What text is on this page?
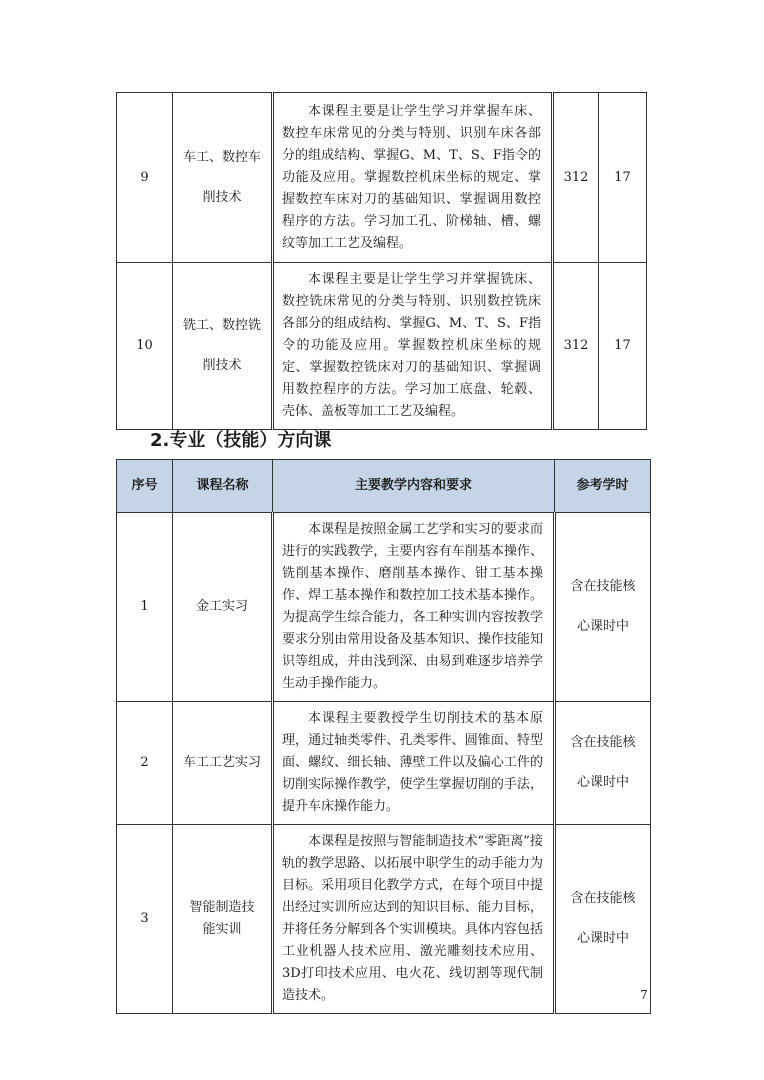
9	车工、数控车削技术	本课程主要是让学生学习并掌握车床、数控车床常见的分类与特别、识别车床各部分的组成结构、掌握G、M、T、S、F指令的功能及应用。掌握数控机床坐标的规定、掌握数控车床对刀的基础知识、掌握调用数控程序的方法。学习加工孔、阶梯轴、槽、螺纹等加工工艺及编程。	312	17
10	铣工、数控铣削技术	本课程主要是让学生学习并掌握铣床、数控铣床常见的分类与特别、识别数控铣床各部分的组成结构、掌握G、M、T、S、F指令的功能及应用。掌握数控机床坐标的规定、掌握数控铣床对刀的基础知识、掌握调用数控程序的方法。学习加工底盘、轮毂、壳体、盖板等加工工艺及编程。	312	17
2.专业（技能）方向课
序号	课程名称	主要教学内容和要求	参考学时
1	金工实习	本课程是按照金属工艺学和实习的要求而进行的实践教学，主要内容有车削基本操作、铣削基本操作、磨削基本操作、钳工基本操作、焊工基本操作和数控加工技术基本操作。为提高学生综合能力，各工种实训内容按教学要求分别由常用设备及基本知识、操作技能知识等组成，并由浅到深、由易到难逐步培养学生动手操作能力。	含在技能核心课时中
2	车工工艺实习	本课程主要教授学生切削技术的基本原理，通过轴类零件、孔类零件、圆锥面、特型面、螺纹、细长轴、薄壁工件以及偏心工件的切削实际操作教学，使学生掌握切削的手法，提升车床操作能力。	含在技能核心课时中
3	智能制造技能实训	本课程是按照与智能制造技术“零距离”接轨的教学思路、以拓展中职学生的动手能力为目标。采用项目化教学方式，在每个项目中提出经过实训所应达到的知识目标、能力目标，并将任务分解到各个实训模块。具体内容包括工业机器人技术应用、激光雕刻技术应用、3D打印技术应用、电火花、线切割等现代制造技术。	含在技能核心课时中
7
